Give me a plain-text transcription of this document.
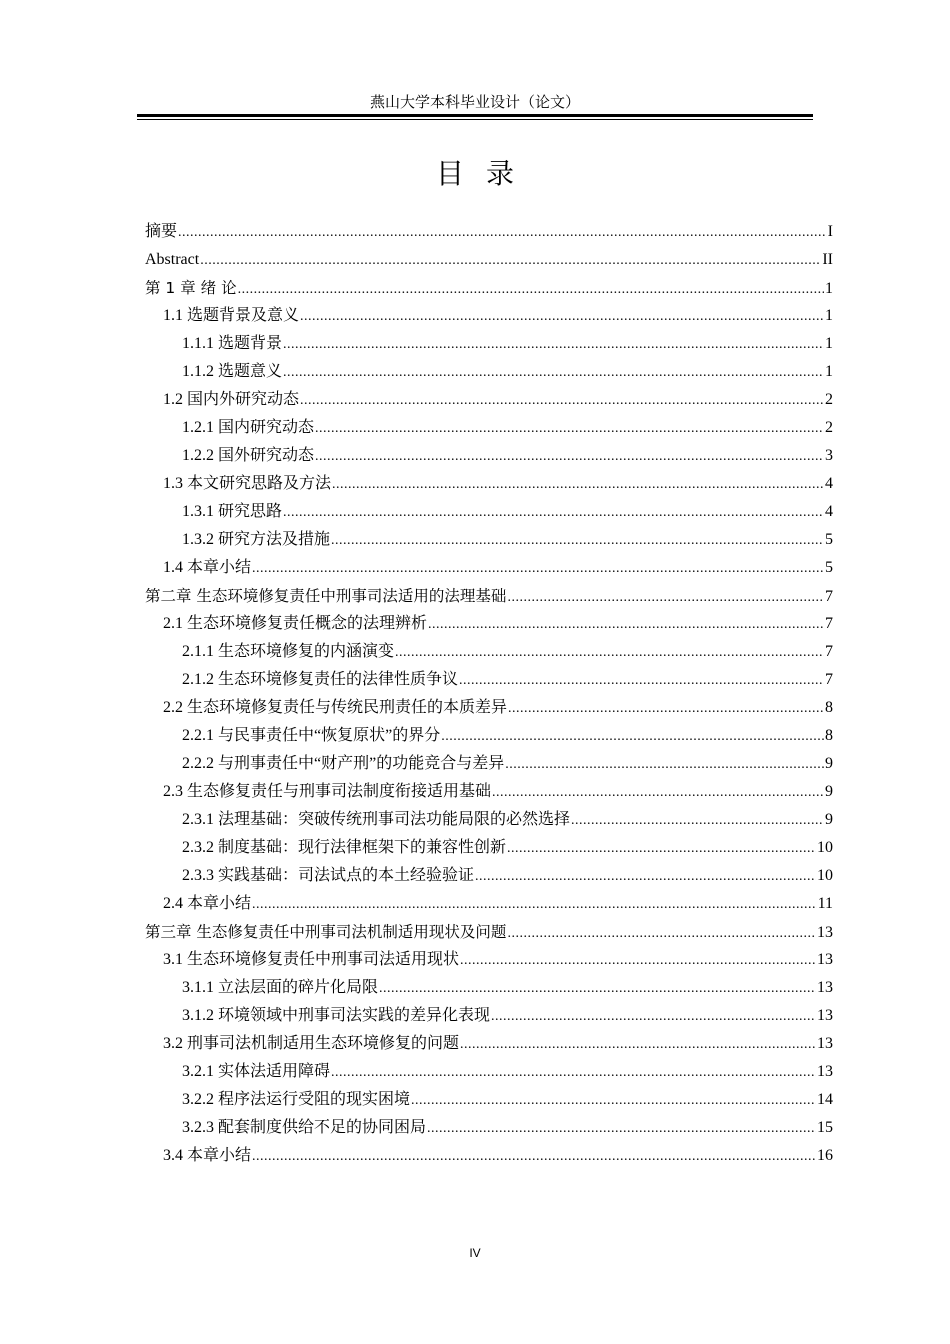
燕山大学本科毕业设计（论文）
目录
摘要 .....	I
Abstract .....	II
第 1 章 绪 论 .....	1
1.1 选题背景及意义 .....	1
1.1.1 选题背景 .....	1
1.1.2 选题意义 .....	1
1.2 国内外研究动态 .....	2
1.2.1 国内研究动态 .....	2
1.2.2 国外研究动态 .....	3
1.3 本文研究思路及方法 .....	4
1.3.1 研究思路 .....	4
1.3.2 研究方法及措施 .....	5
1.4 本章小结 .....	5
第二章 生态环境修复责任中刑事司法适用的法理基础 .....	7
2.1 生态环境修复责任概念的法理辨析 .....	7
2.1.1 生态环境修复的内涵演变 .....	7
2.1.2 生态环境修复责任的法律性质争议 .....	7
2.2 生态环境修复责任与传统民刑责任的本质差异 .....	8
2.2.1 与民事责任中“恢复原状”的界分 .....	8
2.2.2 与刑事责任中“财产刑”的功能竞合与差异 .....	9
2.3 生态修复责任与刑事司法制度衔接适用基础 .....	9
2.3.1 法理基础：突破传统刑事司法功能局限的必然选择 .....	9
2.3.2 制度基础：现行法律框架下的兼容性创新 .....	10
2.3.3 实践基础：司法试点的本土经验验证 .....	10
2.4 本章小结 .....	11
第三章 生态修复责任中刑事司法机制适用现状及问题 .....	13
3.1 生态环境修复责任中刑事司法适用现状 .....	13
3.1.1 立法层面的碎片化局限 .....	13
3.1.2 环境领域中刑事司法实践的差异化表现 .....	13
3.2 刑事司法机制适用生态环境修复的问题 .....	13
3.2.1 实体法适用障碍 .....	13
3.2.2 程序法运行受阻的现实困境 .....	14
3.2.3 配套制度供给不足的协同困局 .....	15
3.4 本章小结 .....	16
IV
